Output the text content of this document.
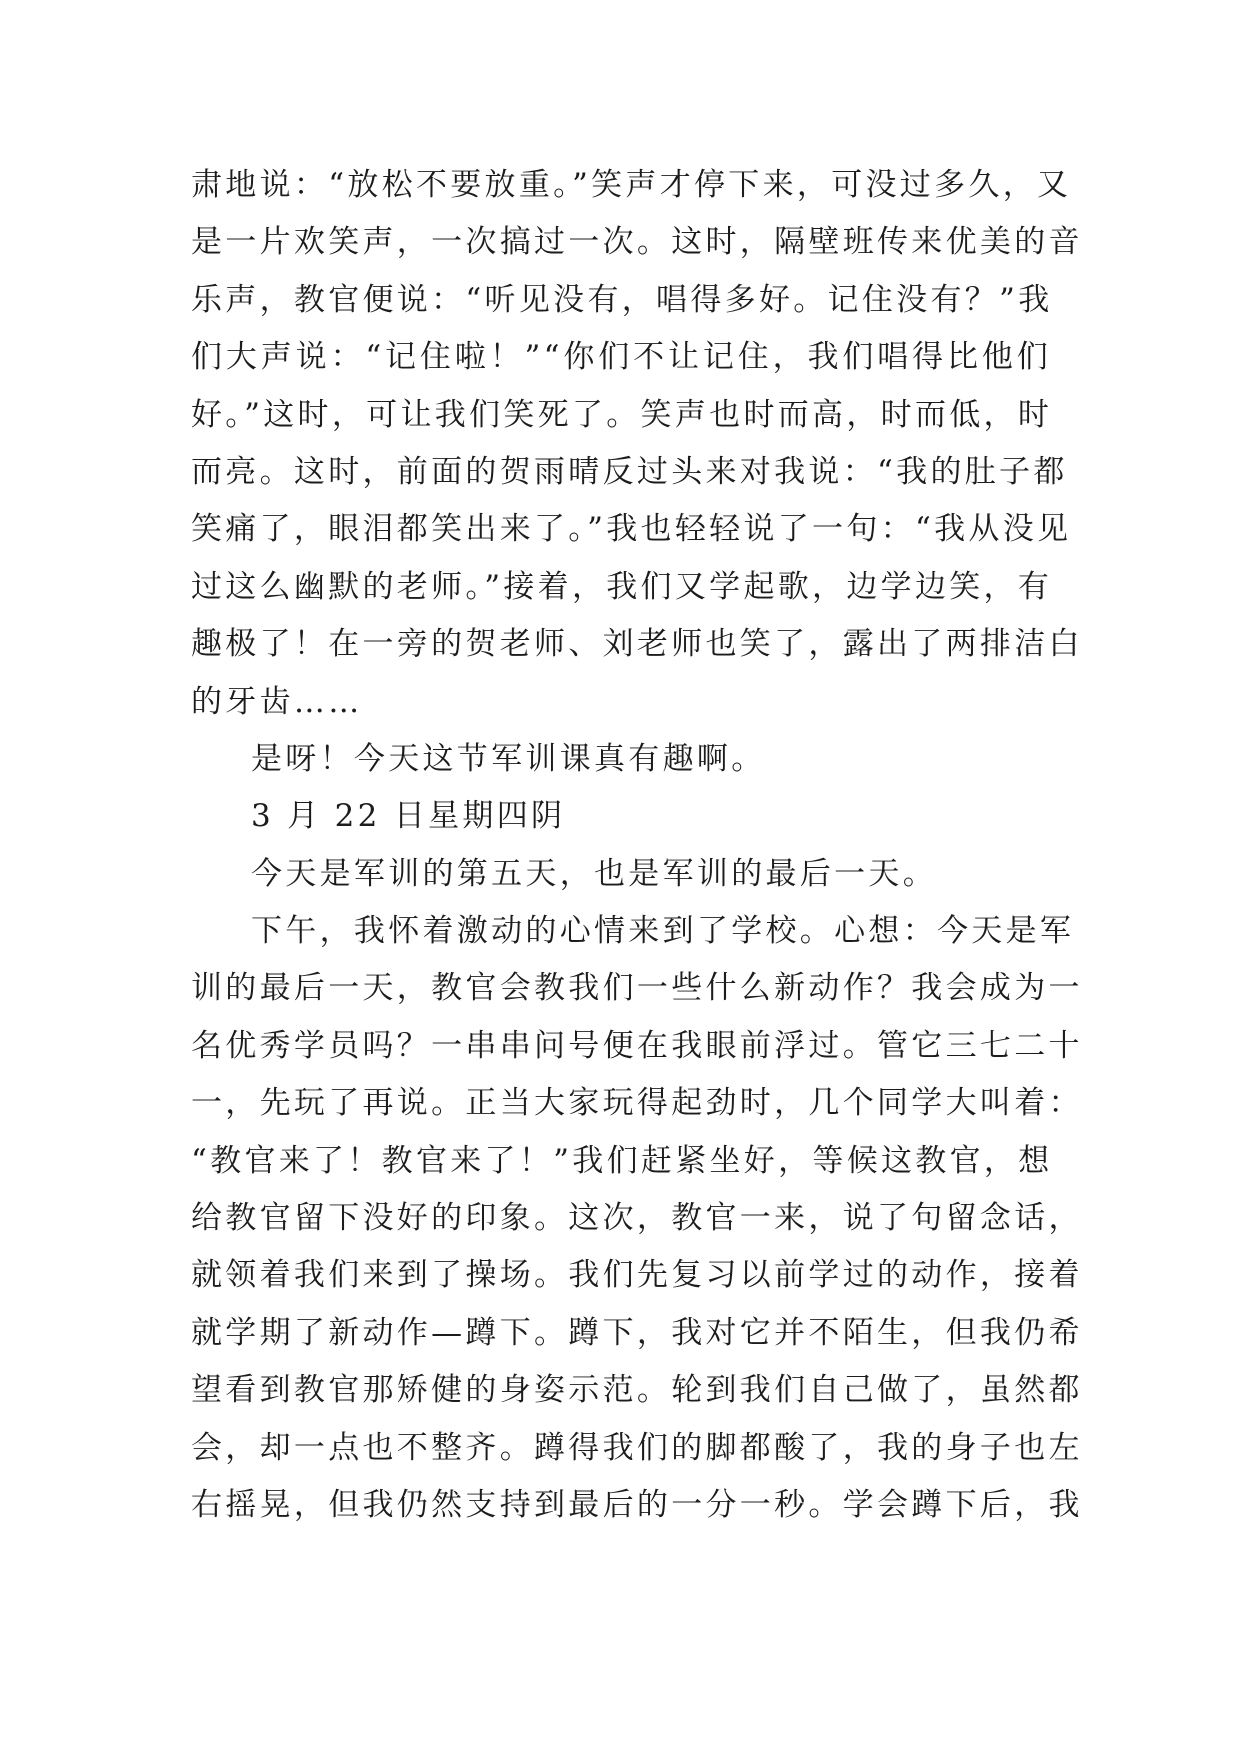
肃地说：“放松不要放重。”笑声才停下来，可没过多久，又
是一片欢笑声，一次搞过一次。这时，隔壁班传来优美的音
乐声，教官便说：“听见没有，唱得多好。记住没有？”我
们大声说：“记住啦！”“你们不让记住，我们唱得比他们
好。”这时，可让我们笑死了。笑声也时而高，时而低，时
而亮。这时，前面的贺雨晴反过头来对我说：“我的肚子都
笑痛了，眼泪都笑出来了。”我也轻轻说了一句：“我从没见
过这么幽默的老师。”接着，我们又学起歌，边学边笑，有
趣极了！在一旁的贺老师、刘老师也笑了，露出了两排洁白
的牙齿……
是呀！今天这节军训课真有趣啊。
3 月 22 日星期四阴
今天是军训的第五天，也是军训的最后一天。
下午，我怀着激动的心情来到了学校。心想：今天是军
训的最后一天，教官会教我们一些什么新动作？我会成为一
名优秀学员吗？一串串问号便在我眼前浮过。管它三七二十
一，先玩了再说。正当大家玩得起劲时，几个同学大叫着：
“教官来了！教官来了！”我们赶紧坐好，等候这教官，想
给教官留下没好的印象。这次，教官一来，说了句留念话，
就领着我们来到了操场。我们先复习以前学过的动作，接着
就学期了新动作—蹲下。蹲下，我对它并不陌生，但我仍希
望看到教官那矫健的身姿示范。轮到我们自己做了，虽然都
会，却一点也不整齐。蹲得我们的脚都酸了，我的身子也左
右摇晃，但我仍然支持到最后的一分一秒。学会蹲下后，我
